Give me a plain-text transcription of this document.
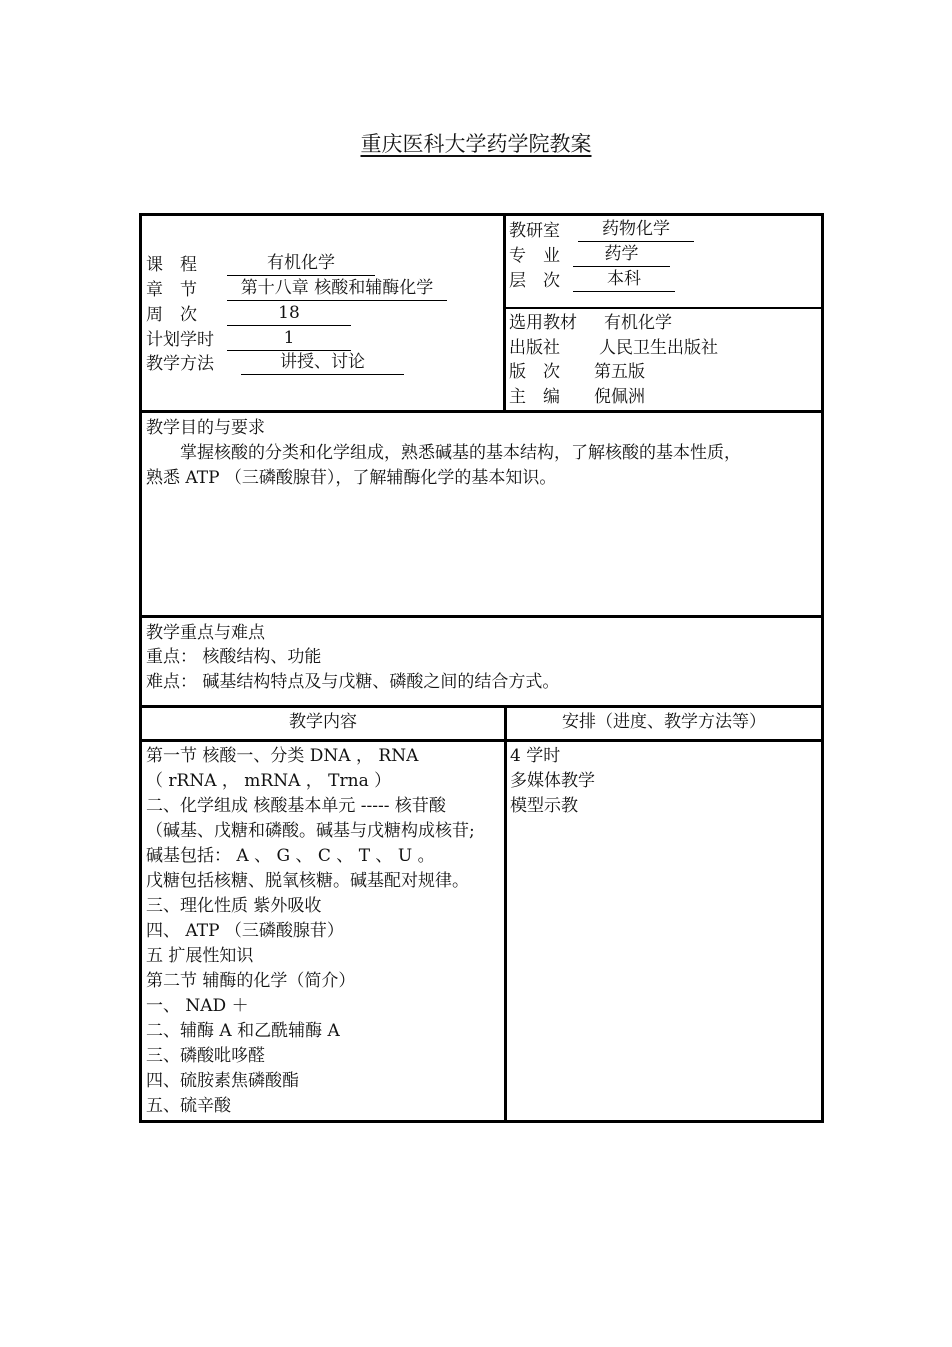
重庆医科大学药学院教案
课　程	有机化学
章　节	第十八章 核酸和辅酶化学
周　次	18
计划学时	1
教学方法	讲授、讨论
教研室	药物化学
专　业	药学
层　次	本科
选用教材 有机化学
出版社 人民卫生出版社
版　次 第五版
主　编 倪佩洲
教学目的与要求
　　掌握核酸的分类和化学组成，熟悉碱基的基本结构，了解核酸的基本性质，
熟悉 ATP （三磷酸腺苷），了解辅酶化学的基本知识。
教学重点与难点
重点： 核酸结构、功能
难点： 碱基结构特点及与戊糖、磷酸之间的结合方式。
教学内容	安排（进度、教学方法等）
第一节 核酸一、分类 DNA ， RNA
（ rRNA ， mRNA ， Trna ）
二、化学组成 核酸基本单元 ----- 核苷酸
（碱基、戊糖和磷酸。碱基与戊糖构成核苷;
碱基包括： A 、 G 、 C 、 T 、 U 。
戊糖包括核糖、脱氧核糖。碱基配对规律。
三、理化性质 紫外吸收
四、 ATP （三磷酸腺苷）
五 扩展性知识
第二节 辅酶的化学（简介）
一、 NAD ＋
二、辅酶 A 和乙酰辅酶 A
三、磷酸吡哆醛
四、硫胺素焦磷酸酯
五、硫辛酸
4 学时
多媒体教学
模型示教
